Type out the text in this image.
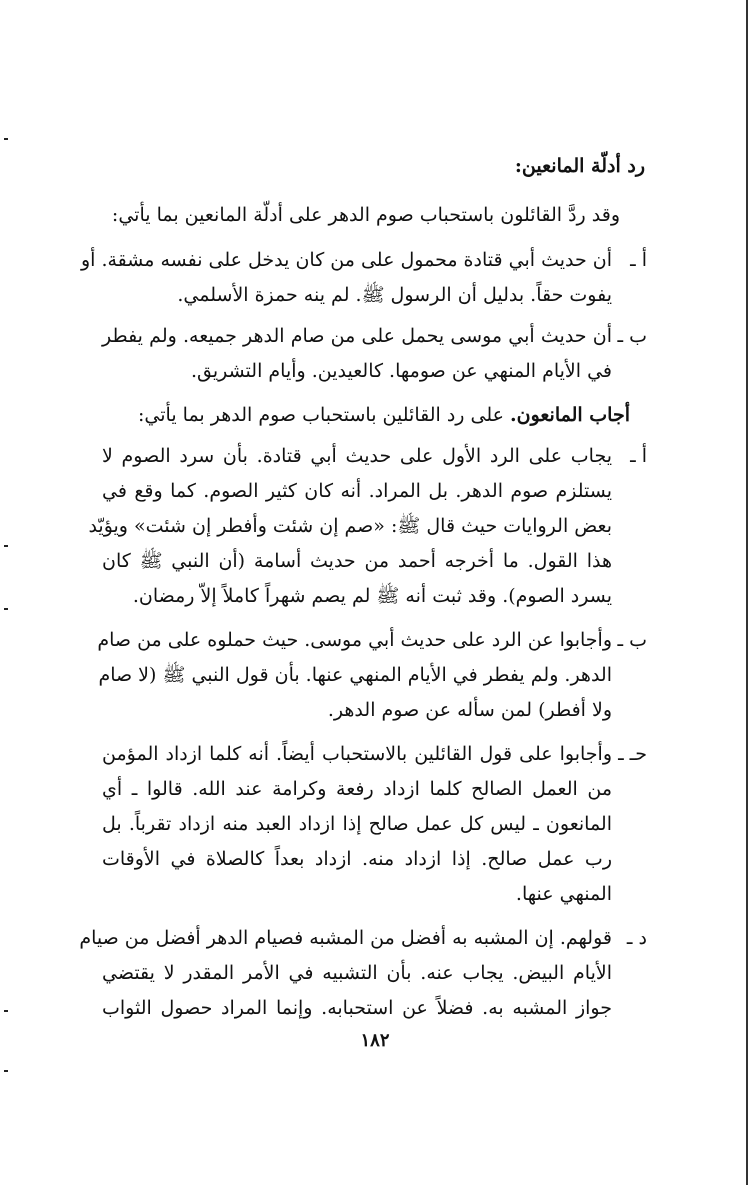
رد أدلّة المانعين:
وقد ردَّ القائلون باستحباب صوم الدهر على أدلّة المانعين بما يأتي:
أ ـ
أن حديث أبي قتادة محمول على من كان يدخل على نفسه مشقة. أو
يفوت حقاً. بدليل أن الرسول ﷺ. لم ينه حمزة الأسلمي.
ب ـ
أن حديث أبي موسى يحمل على من صام الدهر جميعه. ولم يفطر
في الأيام المنهي عن صومها. كالعيدين. وأيام التشريق.
أجاب المانعون. على رد القائلين باستحباب صوم الدهر بما يأتي:
أ ـ
يجاب على الرد الأول على حديث أبي قتادة. بأن سرد الصوم لا
يستلزم صوم الدهر. بل المراد. أنه كان كثير الصوم. كما وقع في
بعض الروايات حيث قال ﷺ: «صم إن شئت وأفطر إن شئت» ويؤيّد
هذا القول. ما أخرجه أحمد من حديث أسامة (أن النبي ﷺ كان
يسرد الصوم). وقد ثبت أنه ﷺ لم يصم شهراً كاملاً إلاّ رمضان.
ب ـ
وأجابوا عن الرد على حديث أبي موسى. حيث حملوه على من صام
الدهر. ولم يفطر في الأيام المنهي عنها. بأن قول النبي ﷺ (لا صام
ولا أفطر) لمن سأله عن صوم الدهر.
حـ ـ
وأجابوا على قول القائلين بالاستحباب أيضاً. أنه كلما ازداد المؤمن
من العمل الصالح كلما ازداد رفعة وكرامة عند الله. قالوا ـ أي
المانعون ـ ليس كل عمل صالح إذا ازداد العبد منه ازداد تقرباً. بل
رب عمل صالح. إذا ازداد منه. ازداد بعداً كالصلاة في الأوقات
المنهي عنها.
د ـ
قولهم. إن المشبه به أفضل من المشبه فصيام الدهر أفضل من صيام
الأيام البيض. يجاب عنه. بأن التشبيه في الأمر المقدر لا يقتضي
جواز المشبه به. فضلاً عن استحبابه. وإنما المراد حصول الثواب
١٨٢
